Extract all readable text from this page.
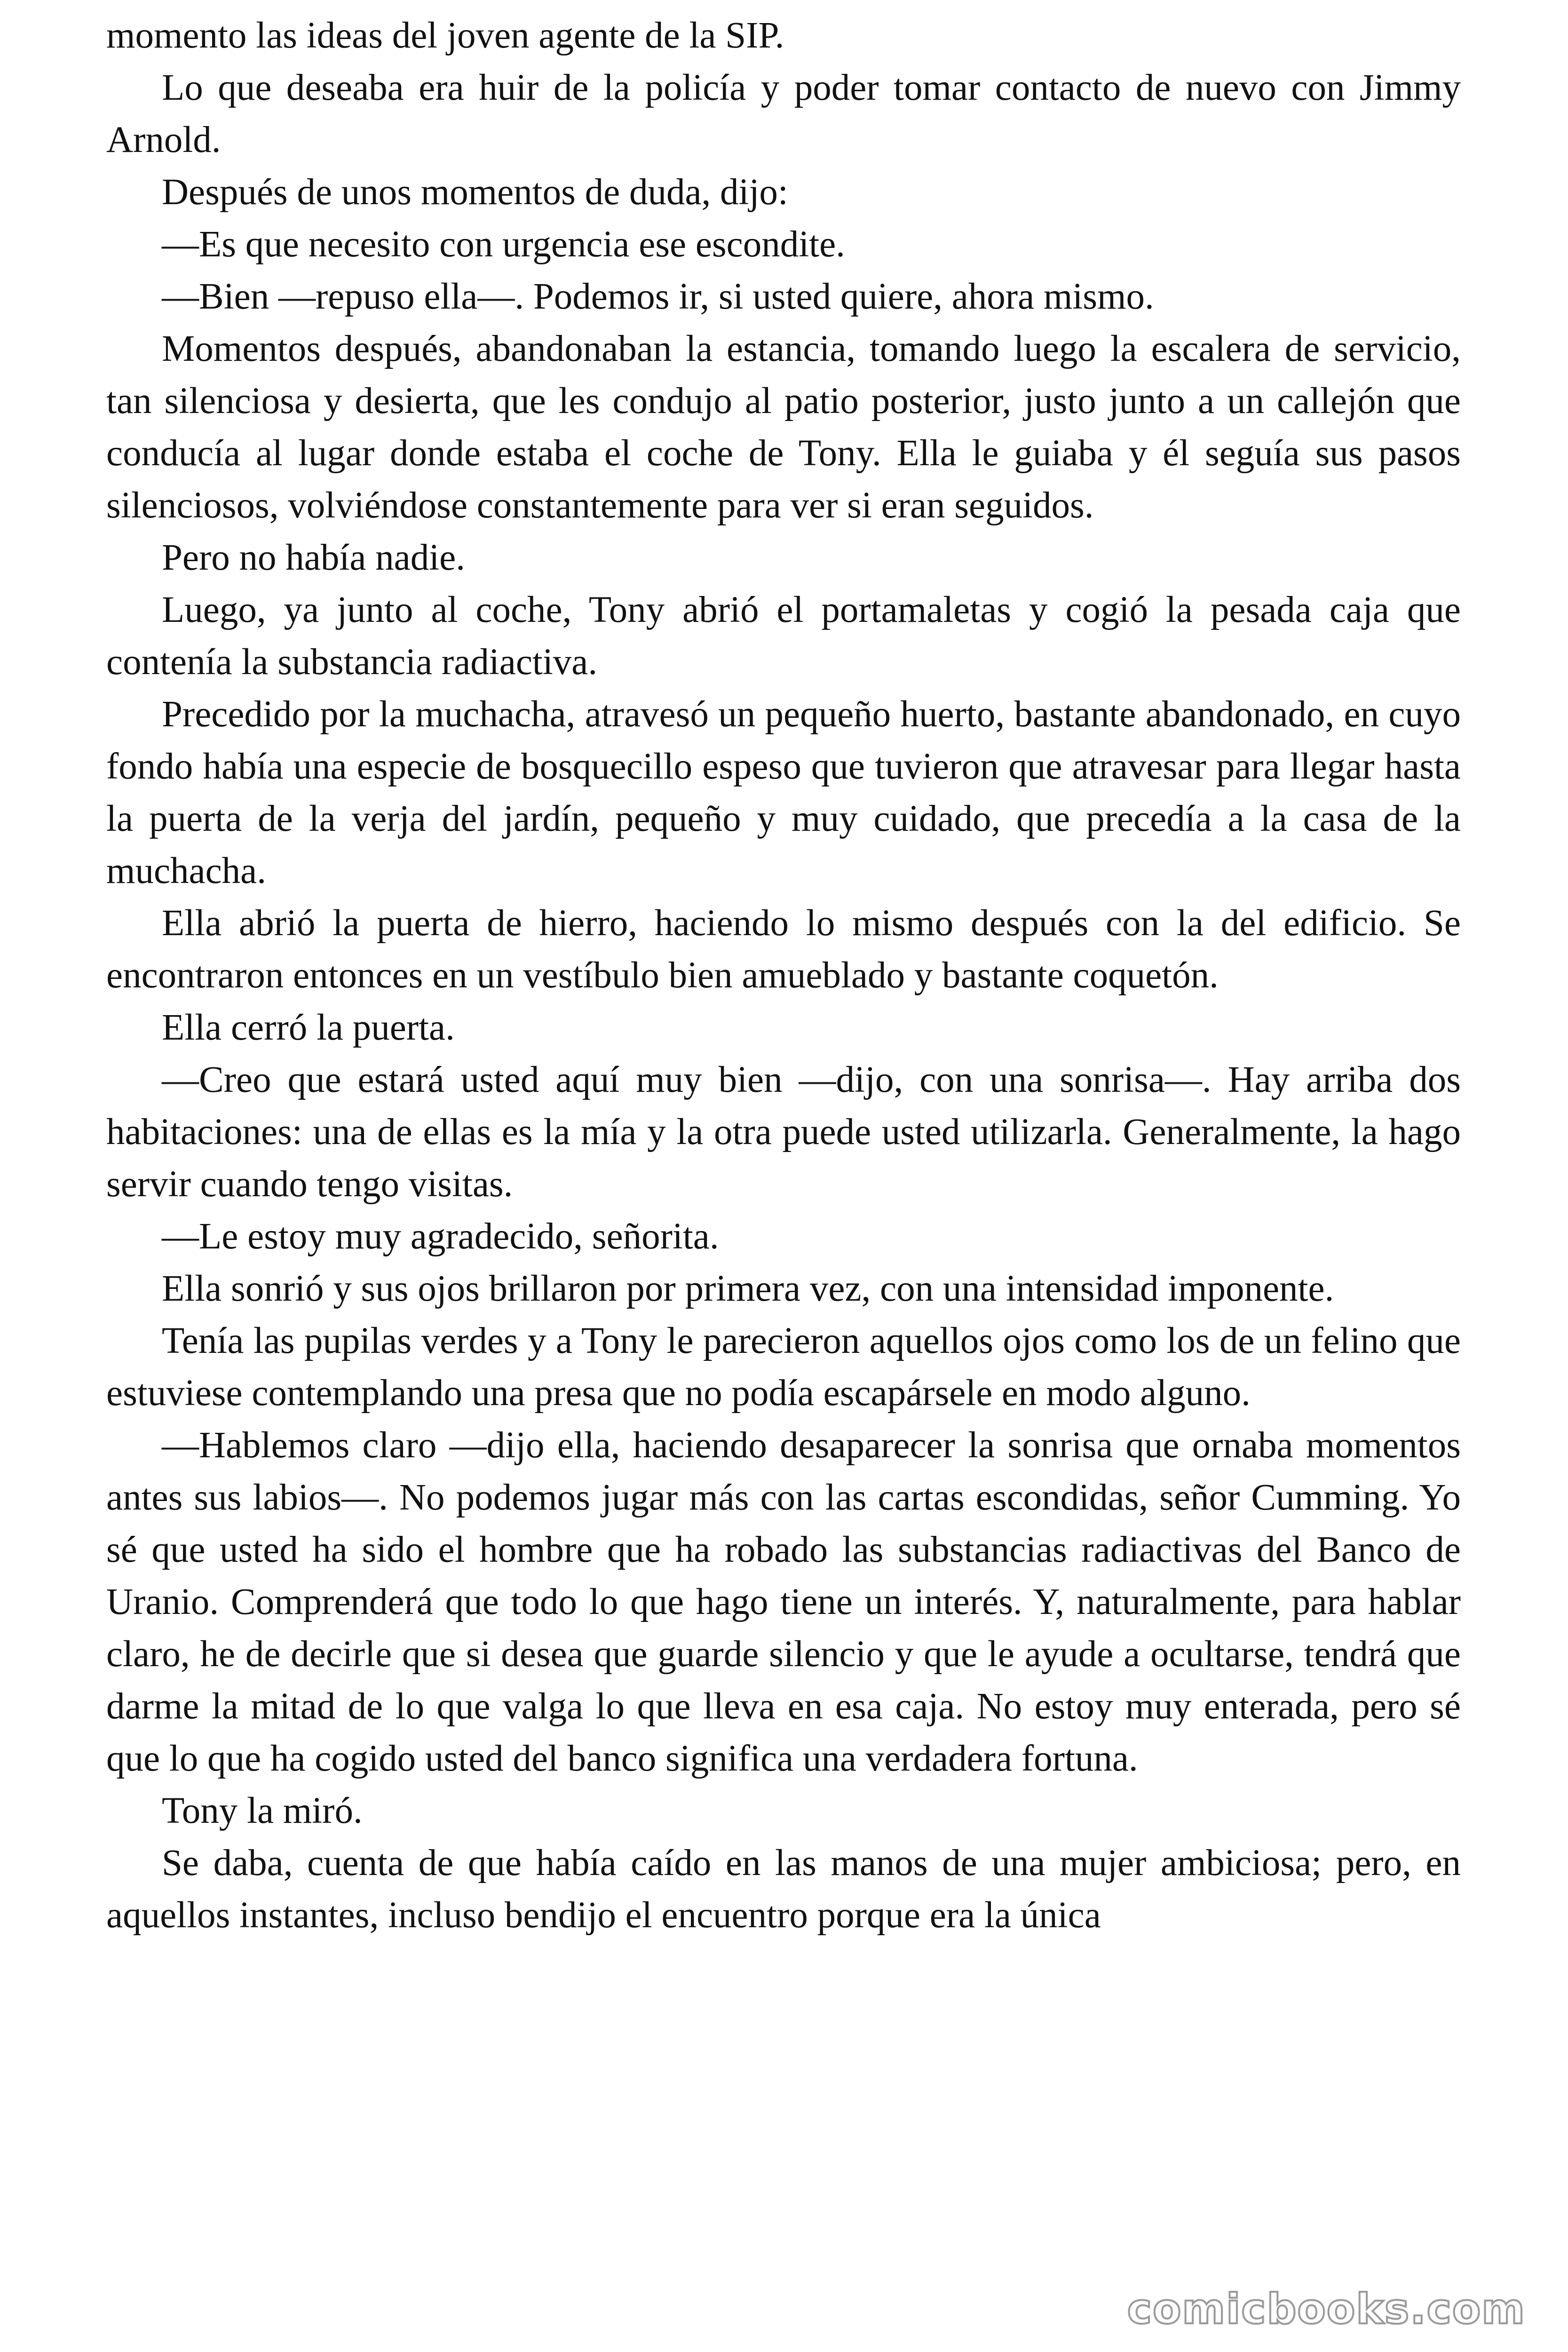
momento las ideas del joven agente de la SIP.

Lo que deseaba era huir de la policía y poder tomar contacto de nuevo con Jimmy Arnold.

Después de unos momentos de duda, dijo:

—Es que necesito con urgencia ese escondite.

—Bien —repuso ella—. Podemos ir, si usted quiere, ahora mismo.

Momentos después, abandonaban la estancia, tomando luego la escalera de servicio, tan silenciosa y desierta, que les condujo al patio posterior, justo junto a un callejón que conducía al lugar donde estaba el coche de Tony. Ella le guiaba y él seguía sus pasos silenciosos, volviéndose constantemente para ver si eran seguidos.

Pero no había nadie.

Luego, ya junto al coche, Tony abrió el portamaletas y cogió la pesada caja que contenía la substancia radiactiva.

Precedido por la muchacha, atravesó un pequeño huerto, bastante abandonado, en cuyo fondo había una especie de bosquecillo espeso que tuvieron que atravesar para llegar hasta la puerta de la verja del jardín, pequeño y muy cuidado, que precedía a la casa de la muchacha.

Ella abrió la puerta de hierro, haciendo lo mismo después con la del edificio. Se encontraron entonces en un vestíbulo bien amueblado y bastante coquetón.

Ella cerró la puerta.

—Creo que estará usted aquí muy bien —dijo, con una sonrisa—. Hay arriba dos habitaciones: una de ellas es la mía y la otra puede usted utilizarla. Generalmente, la hago servir cuando tengo visitas.

—Le estoy muy agradecido, señorita.

Ella sonrió y sus ojos brillaron por primera vez, con una intensidad imponente.

Tenía las pupilas verdes y a Tony le parecieron aquellos ojos como los de un felino que estuviese contemplando una presa que no podía escapársele en modo alguno.

—Hablemos claro —dijo ella, haciendo desaparecer la sonrisa que ornaba momentos antes sus labios—. No podemos jugar más con las cartas escondidas, señor Cumming. Yo sé que usted ha sido el hombre que ha robado las substancias radiactivas del Banco de Uranio. Comprenderá que todo lo que hago tiene un interés. Y, naturalmente, para hablar claro, he de decirle que si desea que guarde silencio y que le ayude a ocultarse, tendrá que darme la mitad de lo que valga lo que lleva en esa caja. No estoy muy enterada, pero sé que lo que ha cogido usted del banco significa una verdadera fortuna.

Tony la miró.

Se daba, cuenta de que había caído en las manos de una mujer ambiciosa; pero, en aquellos instantes, incluso bendijo el encuentro porque era la única

comicbooks.com
